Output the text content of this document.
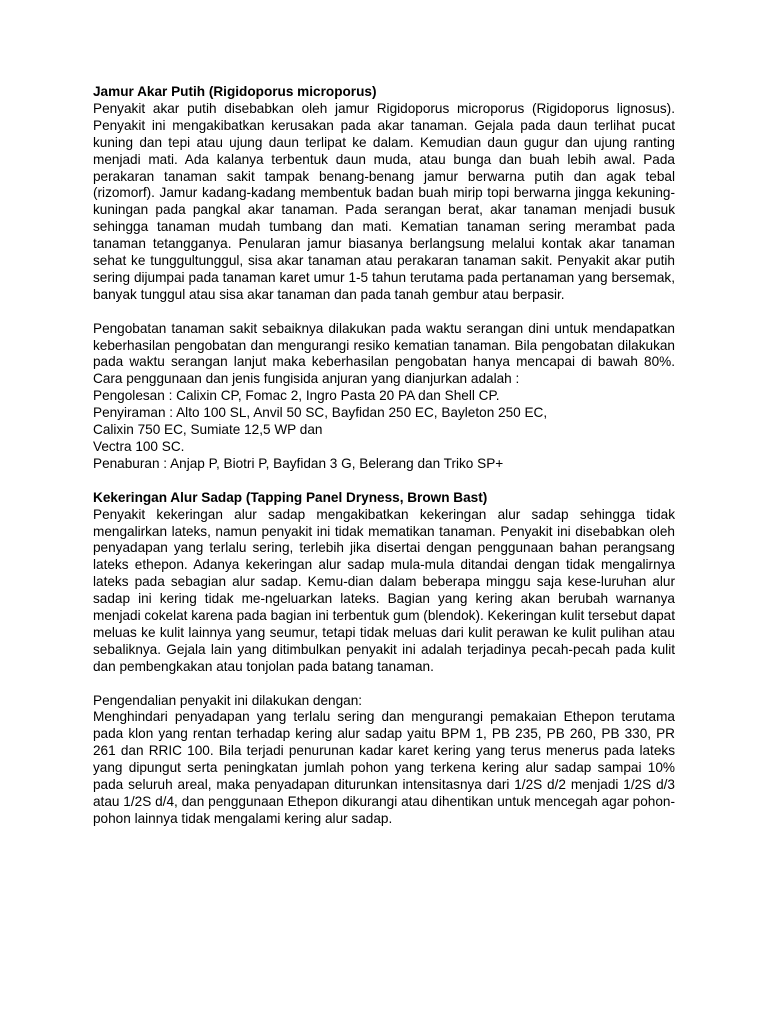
Jamur Akar Putih (Rigidoporus microporus)

Penyakit akar putih disebabkan oleh jamur Rigidoporus microporus (Rigidoporus lignosus). Penyakit ini mengakibatkan kerusakan pada akar tanaman. Gejala pada daun terlihat pucat kuning dan tepi atau ujung daun terlipat ke dalam. Kemudian daun gugur dan ujung ranting menjadi mati. Ada kalanya terbentuk daun muda, atau bunga dan buah lebih awal. Pada perakaran tanaman sakit tampak benang-benang jamur berwarna putih dan agak tebal (rizomorf). Jamur kadang-kadang membentuk badan buah mirip topi berwarna jingga kekuning-kuningan pada pangkal akar tanaman. Pada serangan berat, akar tanaman menjadi busuk sehingga tanaman mudah tumbang dan mati. Kematian tanaman sering merambat pada tanaman tetangganya. Penularan jamur biasanya berlangsung melalui kontak akar tanaman sehat ke tunggultunggul, sisa akar tanaman atau perakaran tanaman sakit. Penyakit akar putih sering dijumpai pada tanaman karet umur 1-5 tahun terutama pada pertanaman yang bersemak, banyak tunggul atau sisa akar tanaman dan pada tanah gembur atau berpasir.

Pengobatan tanaman sakit sebaiknya dilakukan pada waktu serangan dini untuk mendapatkan keberhasilan pengobatan dan mengurangi resiko kematian tanaman. Bila pengobatan dilakukan pada waktu serangan lanjut maka keberhasilan pengobatan hanya mencapai di bawah 80%. Cara penggunaan dan jenis fungisida anjuran yang dianjurkan adalah :

Pengolesan : Calixin CP, Fomac 2, Ingro Pasta 20 PA dan Shell CP.

Penyiraman : Alto 100 SL, Anvil 50 SC, Bayfidan 250 EC, Bayleton 250 EC,

Calixin 750 EC, Sumiate 12,5 WP dan

Vectra 100 SC.

Penaburan : Anjap P, Biotri P, Bayfidan 3 G, Belerang dan Triko SP+

Kekeringan Alur Sadap (Tapping Panel Dryness, Brown Bast)

Penyakit kekeringan alur sadap mengakibatkan kekeringan alur sadap sehingga tidak mengalirkan lateks, namun penyakit ini tidak mematikan tanaman. Penyakit ini disebabkan oleh penyadapan yang terlalu sering, terlebih jika disertai dengan penggunaan bahan perangsang lateks ethepon. Adanya kekeringan alur sadap mula-mula ditandai dengan tidak mengalirnya lateks pada sebagian alur sadap. Kemu-dian dalam beberapa minggu saja kese-luruhan alur sadap ini kering tidak me-ngeluarkan lateks. Bagian yang kering akan berubah warnanya menjadi cokelat karena pada bagian ini terbentuk gum (blendok). Kekeringan kulit tersebut dapat meluas ke kulit lainnya yang seumur, tetapi tidak meluas dari kulit perawan ke kulit pulihan atau sebaliknya. Gejala lain yang ditimbulkan penyakit ini adalah terjadinya pecah-pecah pada kulit dan pembengkakan atau tonjolan pada batang tanaman.

Pengendalian penyakit ini dilakukan dengan:

Menghindari penyadapan yang terlalu sering dan mengurangi pemakaian Ethepon terutama pada klon yang rentan terhadap kering alur sadap yaitu BPM 1, PB 235, PB 260, PB 330, PR 261 dan RRIC 100. Bila terjadi penurunan kadar karet kering yang terus menerus pada lateks yang dipungut serta peningkatan jumlah pohon yang terkena kering alur sadap sampai 10% pada seluruh areal, maka penyadapan diturunkan intensitasnya dari 1/2S d/2 menjadi 1/2S d/3 atau 1/2S d/4, dan penggunaan Ethepon dikurangi atau dihentikan untuk mencegah agar pohon-pohon lainnya tidak mengalami kering alur sadap.
